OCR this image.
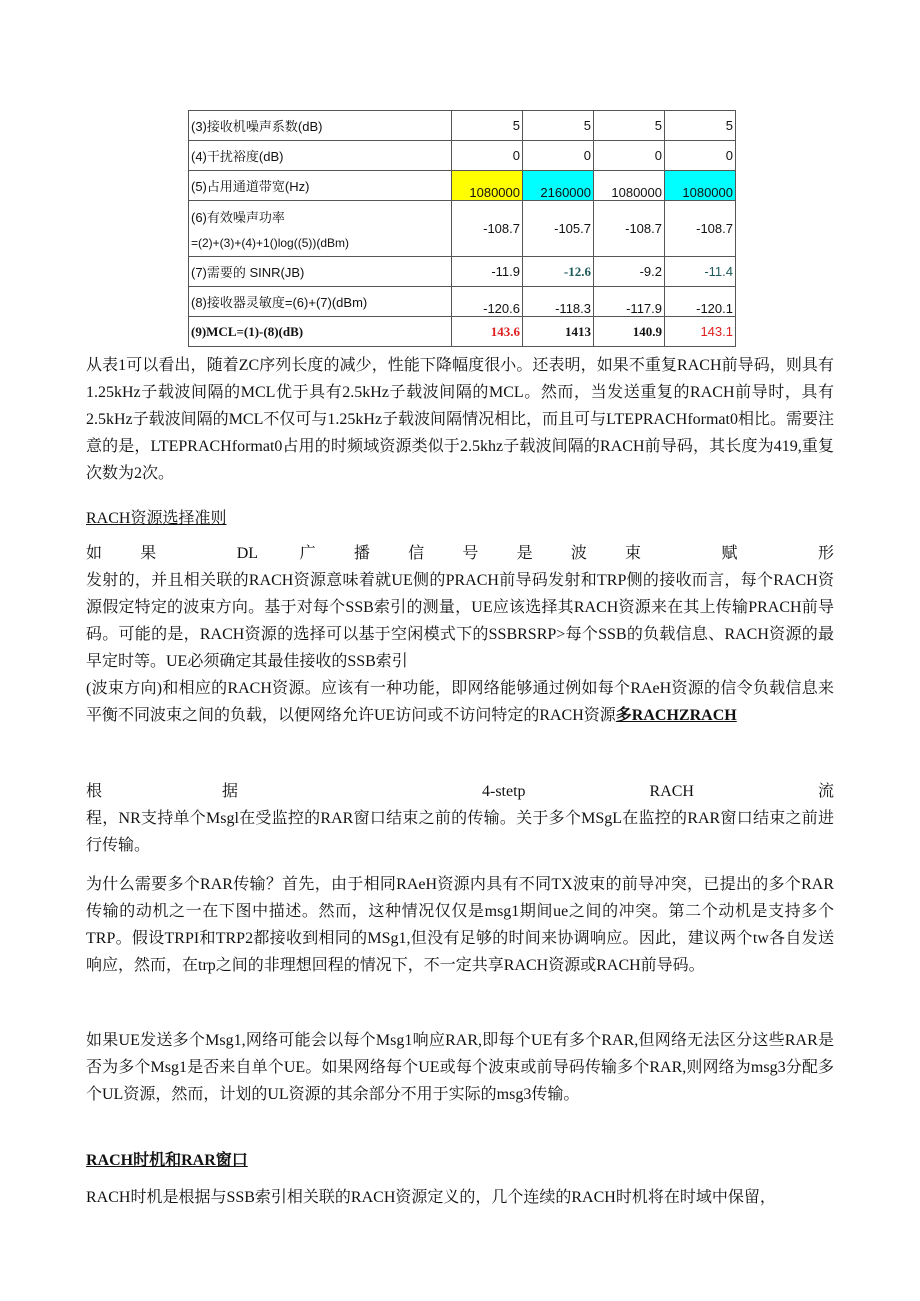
(3)接收机噪声系数(dB)	5	5	5	5
(4)干扰裕度(dB)	0	0	0	0
(5)占用通道带宽(Hz)	1080000	2160000	1080000	1080000
(6)有效噪声功率
=(2)+(3)+(4)+1()log((5))(dBm)	-108.7	-105.7	-108.7	-108.7
(7)需要的 SINR(JB)	-11.9	-12.6	-9.2	-11.4
(8)接收器灵敏度=(6)+(7)(dBm)	-120.6	-118.3	-117.9	-120.1
(9)MCL=(1)-(8)(dB)	143.6	1413	140.9	143.1
从表1可以看出，随着ZC序列长度的减少，性能下降幅度很小。还表明，如果不重复RACH前导码，则具有1.25kHz子载波间隔的MCL优于具有2.5kHz子载波间隔的MCL。然而，当发送重复的RACH前导时，具有2.5kHz子载波间隔的MCL不仅可与1.25kHz子载波间隔情况相比，而且可与LTEPRACHformat0相比。需要注意的是，LTEPRACHformat0占用的时频域资源类似于2.5khz子载波间隔的RACH前导码，其长度为419,重复次数为2次。
RACH资源选择准则
如果 DL 广播信号是波束 赋 形
发射的，并且相关联的RACH资源意味着就UE侧的PRACH前导码发射和TRP侧的接收而言，每个RACH资源假定特定的波束方向。基于对每个SSB索引的测量，UE应该选择其RACH资源来在其上传输PRACH前导码。可能的是，RACH资源的选择可以基于空闲模式下的SSBRSRP>每个SSB的负载信息、RACH资源的最早定时等。UE必须确定其最佳接收的SSB索引
(波束方向)和相应的RACH资源。应该有一种功能，即网络能够通过例如每个RAeH资源的信令负载信息来平衡不同波束之间的负载，以便网络允许UE访问或不访问特定的RACH资源多RACHZRACH
根据 4-stetp RACH 流
程，NR支持单个Msgl在受监控的RAR窗口结束之前的传输。关于多个MSgL在监控的RAR窗口结束之前进行传输。
为什么需要多个RAR传输？首先，由于相同RAeH资源内具有不同TX波束的前导冲突，已提出的多个RAR传输的动机之一在下图中描述。然而，这种情况仅仅是msg1期间ue之间的冲突。第二个动机是支持多个TRP。假设TRPI和TRP2都接收到相同的MSg1,但没有足够的时间来协调响应。因此，建议两个tw各自发送响应，然而，在trp之间的非理想回程的情况下，不一定共享RACH资源或RACH前导码。
如果UE发送多个Msg1,网络可能会以每个Msg1响应RAR,即每个UE有多个RAR,但网络无法区分这些RAR是否为多个Msg1是否来自单个UE。如果网络每个UE或每个波束或前导码传输多个RAR,则网络为msg3分配多个UL资源，然而，计划的UL资源的其余部分不用于实际的msg3传输。
RACH时机和RAR窗口
RACH时机是根据与SSB索引相关联的RACH资源定义的，几个连续的RACH时机将在时域中保留，
